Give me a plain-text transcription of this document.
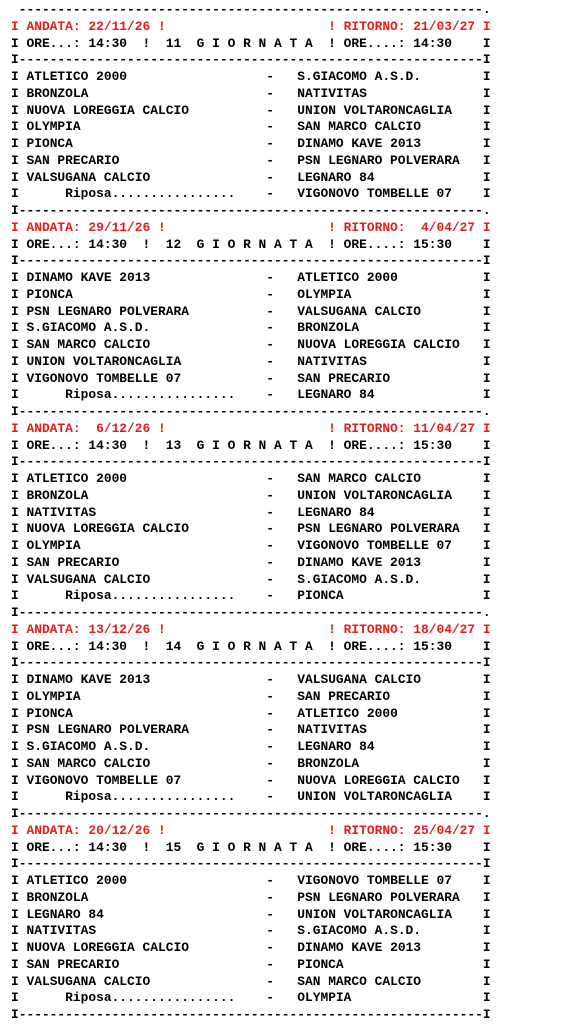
------------------------------------------------------------.
I ANDATA: 22/11/26 !	! RITORNO: 21/03/27 I
I ORE...: 14:30  !  11  G I O R N A T A  ! ORE....: 14:30 I
I------------------------------------------------------------I
I ATLETICO 2000                  -   S.GIACOMO A.S.D.        I
I BRONZOLA                       -   NATIVITAS               I
I NUOVA LOREGGIA CALCIO          -   UNION VOLTARONCAGLIA    I
I OLYMPIA                        -   SAN MARCO CALCIO        I
I PIONCA                         -   DINAMO KAVE 2013        I
I SAN PRECARIO                   -   PSN LEGNARO POLVERARA   I
I VALSUGANA CALCIO               -   LEGNARO 84              I
I      Riposa................    -   VIGONOVO TOMBELLE 07    I
I------------------------------------------------------------.
I ANDATA: 29/11/26 !	! RITORNO:  4/04/27 I
I ORE...: 14:30  !  12  G I O R N A T A  ! ORE....: 15:30 I
I------------------------------------------------------------I
I DINAMO KAVE 2013               -   ATLETICO 2000           I
I PIONCA                         -   OLYMPIA                 I
I PSN LEGNARO POLVERARA          -   VALSUGANA CALCIO        I
I S.GIACOMO A.S.D.               -   BRONZOLA                I
I SAN MARCO CALCIO               -   NUOVA LOREGGIA CALCIO   I
I UNION VOLTARONCAGLIA           -   NATIVITAS               I
I VIGONOVO TOMBELLE 07           -   SAN PRECARIO            I
I      Riposa................    -   LEGNARO 84              I
I------------------------------------------------------------.
I ANDATA:  6/12/26 !	! RITORNO: 11/04/27 I
I ORE...: 14:30  !  13  G I O R N A T A  ! ORE....: 15:30 I
I------------------------------------------------------------I
I ATLETICO 2000                  -   SAN MARCO CALCIO        I
I BRONZOLA                       -   UNION VOLTARONCAGLIA    I
I NATIVITAS                      -   LEGNARO 84              I
I NUOVA LOREGGIA CALCIO          -   PSN LEGNARO POLVERARA   I
I OLYMPIA                        -   VIGONOVO TOMBELLE 07    I
I SAN PRECARIO                   -   DINAMO KAVE 2013        I
I VALSUGANA CALCIO               -   S.GIACOMO A.S.D.        I
I      Riposa................    -   PIONCA                  I
I------------------------------------------------------------.
I ANDATA: 13/12/26 !	! RITORNO: 18/04/27 I
I ORE...: 14:30  !  14  G I O R N A T A  ! ORE....: 15:30 I
I------------------------------------------------------------I
I DINAMO KAVE 2013               -   VALSUGANA CALCIO        I
I OLYMPIA                        -   SAN PRECARIO            I
I PIONCA                         -   ATLETICO 2000           I
I PSN LEGNARO POLVERARA          -   NATIVITAS               I
I S.GIACOMO A.S.D.               -   LEGNARO 84              I
I SAN MARCO CALCIO               -   BRONZOLA                I
I VIGONOVO TOMBELLE 07           -   NUOVA LOREGGIA CALCIO   I
I      Riposa................    -   UNION VOLTARONCAGLIA    I
I------------------------------------------------------------.
I ANDATA: 20/12/26 !	! RITORNO: 25/04/27 I
I ORE...: 14:30  !  15  G I O R N A T A  ! ORE....: 15:30 I
I------------------------------------------------------------I
I ATLETICO 2000                  -   VIGONOVO TOMBELLE 07    I
I BRONZOLA                       -   PSN LEGNARO POLVERARA   I
I LEGNARO 84                     -   UNION VOLTARONCAGLIA    I
I NATIVITAS                      -   S.GIACOMO A.S.D.        I
I NUOVA LOREGGIA CALCIO          -   DINAMO KAVE 2013        I
I SAN PRECARIO                   -   PIONCA                  I
I VALSUGANA CALCIO               -   SAN MARCO CALCIO        I
I      Riposa................    -   OLYMPIA                 I
I------------------------------------------------------------I
